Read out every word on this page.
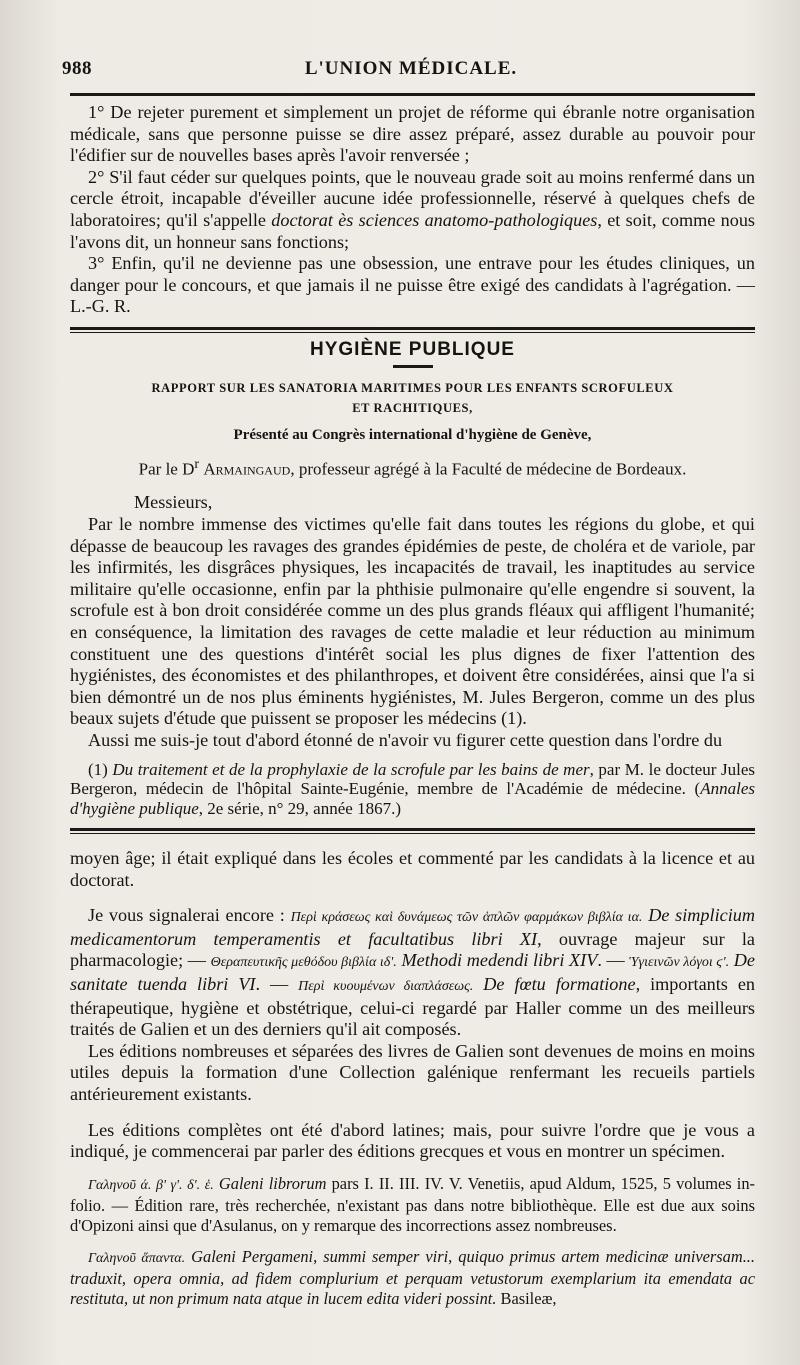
988	L'UNION MÉDICALE.

1° De rejeter purement et simplement un projet de réforme qui ébranle notre organisation médicale, sans que personne puisse se dire assez préparé, assez durable au pouvoir pour l'édifier sur de nouvelles bases après l'avoir renversée ;

2° S'il faut céder sur quelques points, que le nouveau grade soit au moins renfermé dans un cercle étroit, incapable d'éveiller aucune idée professionnelle, réservé à quelques chefs de laboratoires; qu'il s'appelle doctorat ès sciences anatomo-pathologiques, et soit, comme nous l'avons dit, un honneur sans fonctions;

3° Enfin, qu'il ne devienne pas une obsession, une entrave pour les études cliniques, un danger pour le concours, et que jamais il ne puisse être exigé des candidats à l'agrégation. — L.-G. R.

HYGIÈNE PUBLIQUE
RAPPORT SUR LES SANATORIA MARITIMES POUR LES ENFANTS SCROFULEUX
ET RACHITIQUES,
Présenté au Congrès international d'hygiène de Genève,
Par le $D^r$ Armaingaud, professeur agrégé à la Faculté de médecine de Bordeaux.

Messieurs,

Par le nombre immense des victimes qu'elle fait dans toutes les régions du globe, et qui dépasse de beaucoup les ravages des grandes épidémies de peste, de choléra et de variole, par les infirmités, les disgrâces physiques, les incapacités de travail, les inaptitudes au service militaire qu'elle occasionne, enfin par la phthisie pulmonaire qu'elle engendre si souvent, la scrofule est à bon droit considérée comme un des plus grands fléaux qui affligent l'humanité; en conséquence, la limitation des ravages de cette maladie et leur réduction au minimum constituent une des questions d'intérêt social les plus dignes de fixer l'attention des hygiénistes, des économistes et des philanthropes, et doivent être considérées, ainsi que l'a si bien démontré un de nos plus éminents hygiénistes, M. Jules Bergeron, comme un des plus beaux sujets d'étude que puissent se proposer les médecins (1).

Aussi me suis-je tout d'abord étonné de n'avoir vu figurer cette question dans l'ordre du

(1) Du traitement et de la prophylaxie de la scrofule par les bains de mer, par M. le docteur Jules Bergeron, médecin de l'hôpital Sainte-Eugénie, membre de l'Académie de médecine. (Annales d'hygiène publique, 2e série, n° 29, année 1867.)

moyen âge; il était expliqué dans les écoles et commenté par les candidats à la licence et au doctorat.

Je vous signalerai encore : Περὶ κράσεως καὶ δυνάμεως τῶν ἁπλῶν φαρμάκων βιβλία ια. De simplicium medicamentorum temperamentis et facultatibus libri XI, ouvrage majeur sur la pharmacologie; — Θεραπευτικῆς μεθόδου βιβλία ιδ'. Methodi medendi libri XIV. — Ὑγιεινῶν λόγοι ϛ'. De sanitate tuenda libri VI. — Περὶ κυουμένων διαπλάσεως. De fœtu formatione, importants en thérapeutique, hygiène et obstétrique, celui-ci regardé par Haller comme un des meilleurs traités de Galien et un des derniers qu'il ait composés.

Les éditions nombreuses et séparées des livres de Galien sont devenues de moins en moins utiles depuis la formation d'une Collection galénique renfermant les recueils partiels antérieurement existants.

Les éditions complètes ont été d'abord latines; mais, pour suivre l'ordre que je vous a indiqué, je commencerai par parler des éditions grecques et vous en montrer un spécimen.

Γαληνοῦ ά. β' γ'. δ'. ἑ. Galeni librorum pars I. II. III. IV. V. Venetiis, apud Aldum, 1525, 5 volumes in-folio. — Édition rare, très recherchée, n'existant pas dans notre bibliothèque. Elle est due aux soins d'Opizoni ainsi que d'Asulanus, on y remarque des incorrections assez nombreuses.

Γαληνοῦ ἅπαντα. Galeni Pergameni, summi semper viri, quiquo primus artem medicinæ universam... traduxit, opera omnia, ad fidem complurium et perquam vetustorum exemplarium ita emendata ac restituta, ut non primum nata atque in lucem edita videri possint. Basileæ,
